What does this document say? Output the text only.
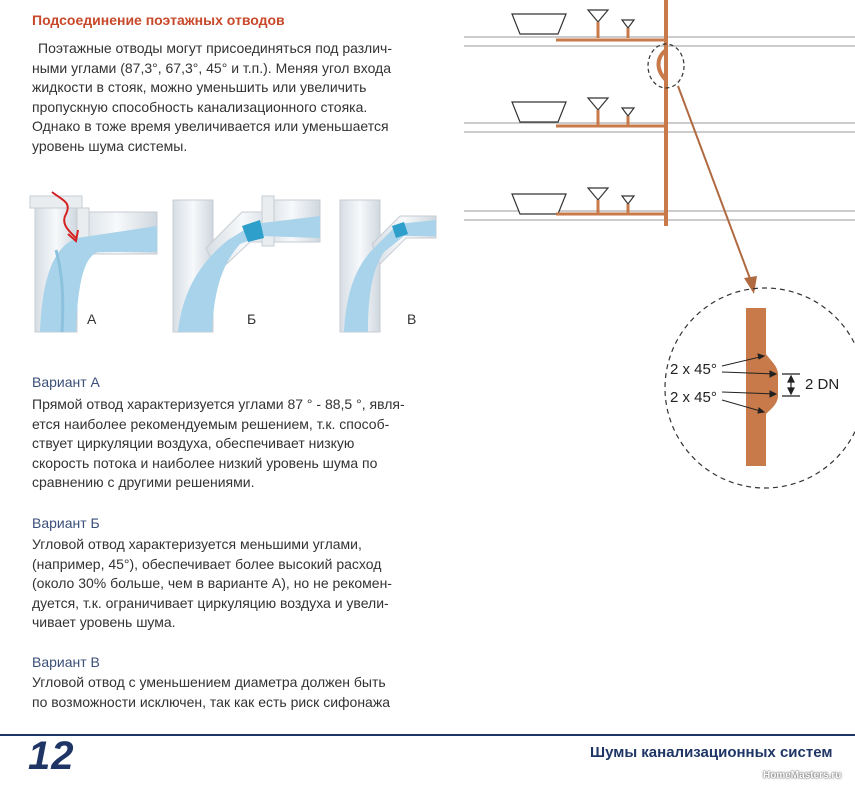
Подсоединение поэтажных отводов

Поэтажные отводы могут присоединяться под различ-
ными углами (87,3°, 67,3°, 45° и т.п.). Меняя угол входа
жидкости в стояк, можно уменьшить или увеличить
пропускную способность канализационного стояка.
Однако в тоже время увеличивается или уменьшается
уровень шума системы.

А	Б	В
2 x 45°
2 x 45°
2 DN
Вариант А

Прямой отвод характеризуется углами 87 ° - 88,5 °, явля-
ется наиболее рекомендуемым решением, т.к. способ-
ствует циркуляции воздуха, обеспечивает низкую
скорость потока и наиболее низкий уровень шума по
сравнению с другими решениями.

Вариант Б

Угловой отвод характеризуется меньшими углами,
(например, 45°), обеспечивает более высокий расход
(около 30% больше, чем в варианте А), но не рекомен-
дуется, т.к. ограничивает циркуляцию воздуха и увели-
чивает уровень шума.

Вариант В

Угловой отвод с уменьшением диаметра должен быть
по возможности исключен, так как есть риск сифонажа

12	Шумы канализационных систем

HomeMasters.ru
